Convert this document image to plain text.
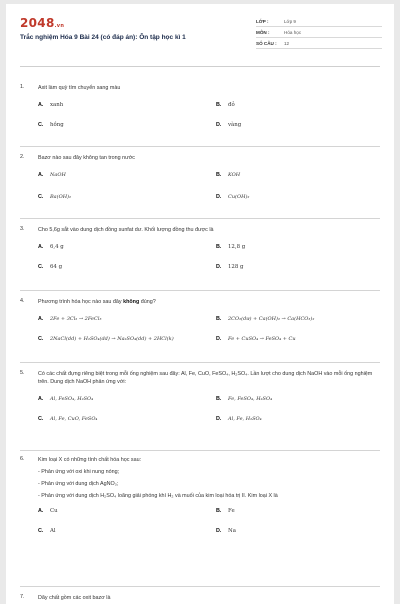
2048.vn
Trắc nghiệm Hóa 9 Bài 24 (có đáp án): Ôn tập học kì 1
LỚP :	Lớp 9
MÔN :	Hóa học
SỐ CÂU :	12
1.	Axit làm quỳ tím chuyển sang màu
A.	xanh	B.	đỏ
C.	hồng	D.	vàng
2.	Bazơ nào sau đây không tan trong nước
A.	NaOH	B.	KOH
C.	Ba(OH)₂	D.	Cu(OH)₂
3.	Cho 5,6g sắt vào dung dịch đồng sunfat dư. Khối lượng đồng thu được là
A.	6,4 g	B.	12,8 g
C.	64 g	D.	128 g
4.	Phương trình hóa học nào sau đây không đúng?
A.	2Fe + 3Cl₂ → 2FeCl₃	B.	2CO₂(dư) + Ca(OH)₂ → Ca(HCO₃)₂
C.	2NaCl(dd) + H₂SO₄(dd) → Na₂SO₄(dd) + 2HCl(k)	D.	Fe + CuSO₄ → FeSO₄ + Cu
5.	Có các chất đựng riêng biệt trong mỗi ống nghiệm sau đây: Al, Fe, CuO, FeSO₄, H₂SO₄. Lần lượt cho dung dịch NaOH vào mỗi ống nghiệm trên. Dung dịch NaOH phản ứng với:
A.	Al, FeSO₄, H₂SO₄	B.	Fe, FeSO₄, H₂SO₄
C.	Al, Fe, CuO, FeSO₄	D.	Al, Fe, H₂SO₄
6.	Kim loại X có những tính chất hóa học sau:
- Phản ứng với oxi khi nung nóng;
- Phản ứng với dung dịch AgNO₃;
- Phản ứng với dung dịch H₂SO₄ loãng giải phóng khí H₂ và muối của kim loại hóa trị II. Kim loại X là
A.	Cu	B.	Fe
C.	Al	D.	Na
7.	Dãy chất gồm các oxit bazơ là
